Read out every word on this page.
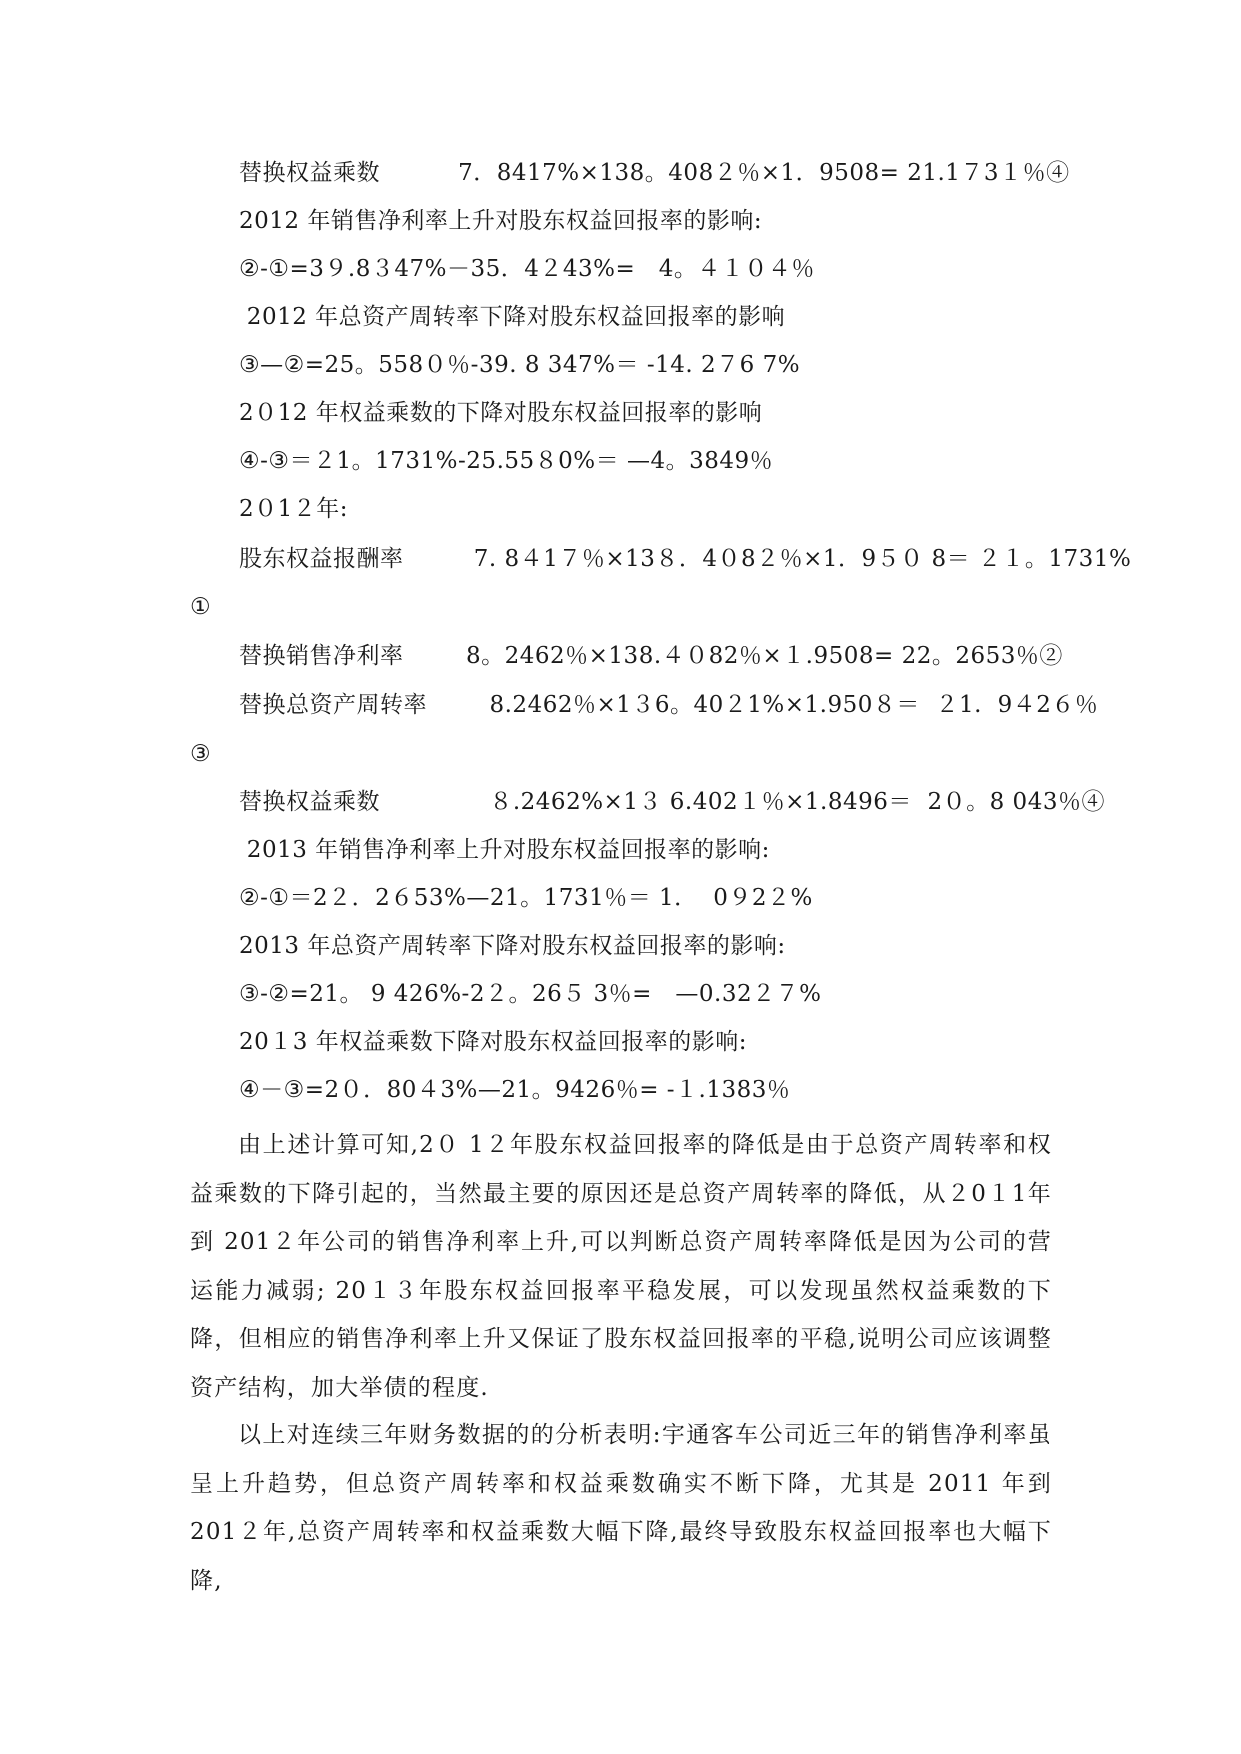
替换权益乘数          7．8417%×138。408２％×1．9508= 21.1７3１％④
2012 年销售净利率上升对股东权益回报率的影响:
②-①=3９.8３47%－35．4２43%=   4。４１０４％
2012 年总资产周转率下降对股东权益回报率的影响
③—②=25。558０％-39. 8 347%＝ -14. 2７6 7%
2０12 年权益乘数的下降对股东权益回报率的影响
④-③＝２1。1731%-25.55８0%＝ —4。3849％
2０1２年:
股东权益报酬率         7. 8４1７％×13８．4０8２％×1．9５０ 8＝ ２１。1731%
①
替换销售净利率        8。2462％×138.４０82％×１.9508= 22。2653％②
替换总资产周转率        8.2462％×1３6。40２1%×1.950８＝  ２1.  9４2６％
③
替换权益乘数              ８.2462%×1３ 6.402１％×1.8496＝  2０。8 043％④
2013 年销售净利率上升对股东权益回报率的影响:
②-①＝2２．2６53%—21。1731％＝ 1．  0９2２%
2013 年总资产周转率下降对股东权益回报率的影响:
③-②=21。 9 426%-2２。26５ 3％=   —0.32２７%
20１3 年权益乘数下降对股东权益回报率的影响:
④－③=2０．80４3%—21。9426％= -１.1383％

由上述计算可知,2０ 1２年股东权益回报率的降低是由于总资产周转率和权益乘数的下降引起的，当然最主要的原因还是总资产周转率的降低，从２0１1年到 201２年公司的销售净利率上升,可以判断总资产周转率降低是因为公司的营运能力减弱; 20１３年股东权益回报率平稳发展，可以发现虽然权益乘数的下降，但相应的销售净利率上升又保证了股东权益回报率的平稳,说明公司应该调整资产结构，加大举债的程度.

以上对连续三年财务数据的的分析表明:宇通客车公司近三年的销售净利率虽呈上升趋势，但总资产周转率和权益乘数确实不断下降，尤其是 2011 年到 201２年,总资产周转率和权益乘数大幅下降,最终导致股东权益回报率也大幅下降,
